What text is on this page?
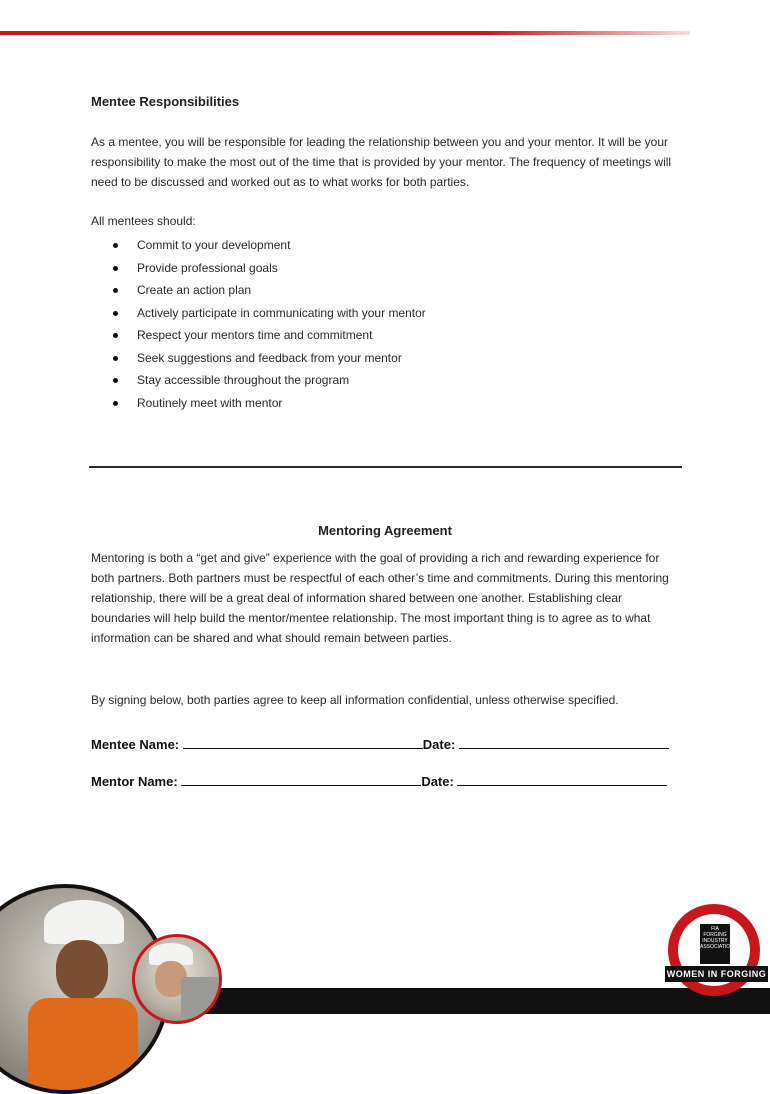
Mentee Responsibilities
As a mentee, you will be responsible for leading the relationship between you and your mentor. It will be your responsibility to make the most out of the time that is provided by your mentor. The frequency of meetings will need to be discussed and worked out as to what works for both parties.
All mentees should:
Commit to your development
Provide professional goals
Create an action plan
Actively participate in communicating with your mentor
Respect your mentors time and commitment
Seek suggestions and feedback from your mentor
Stay accessible throughout the program
Routinely meet with mentor
Mentoring Agreement
Mentoring is both a “get and give” experience with the goal of providing a rich and rewarding experience for both partners. Both partners must be respectful of each other’s time and commitments. During this mentoring relationship, there will be a great deal of information shared between one another. Establishing clear boundaries will help build the mentor/mentee relationship. The most important thing is to agree as to what information can be shared and what should remain between parties.
By signing below, both parties agree to keep all information confidential, unless otherwise specified.
Mentee Name:	Date:
Mentor Name:	Date:
FIA FORGING INDUSTRY ASSOCIATION
WOMEN IN FORGING
